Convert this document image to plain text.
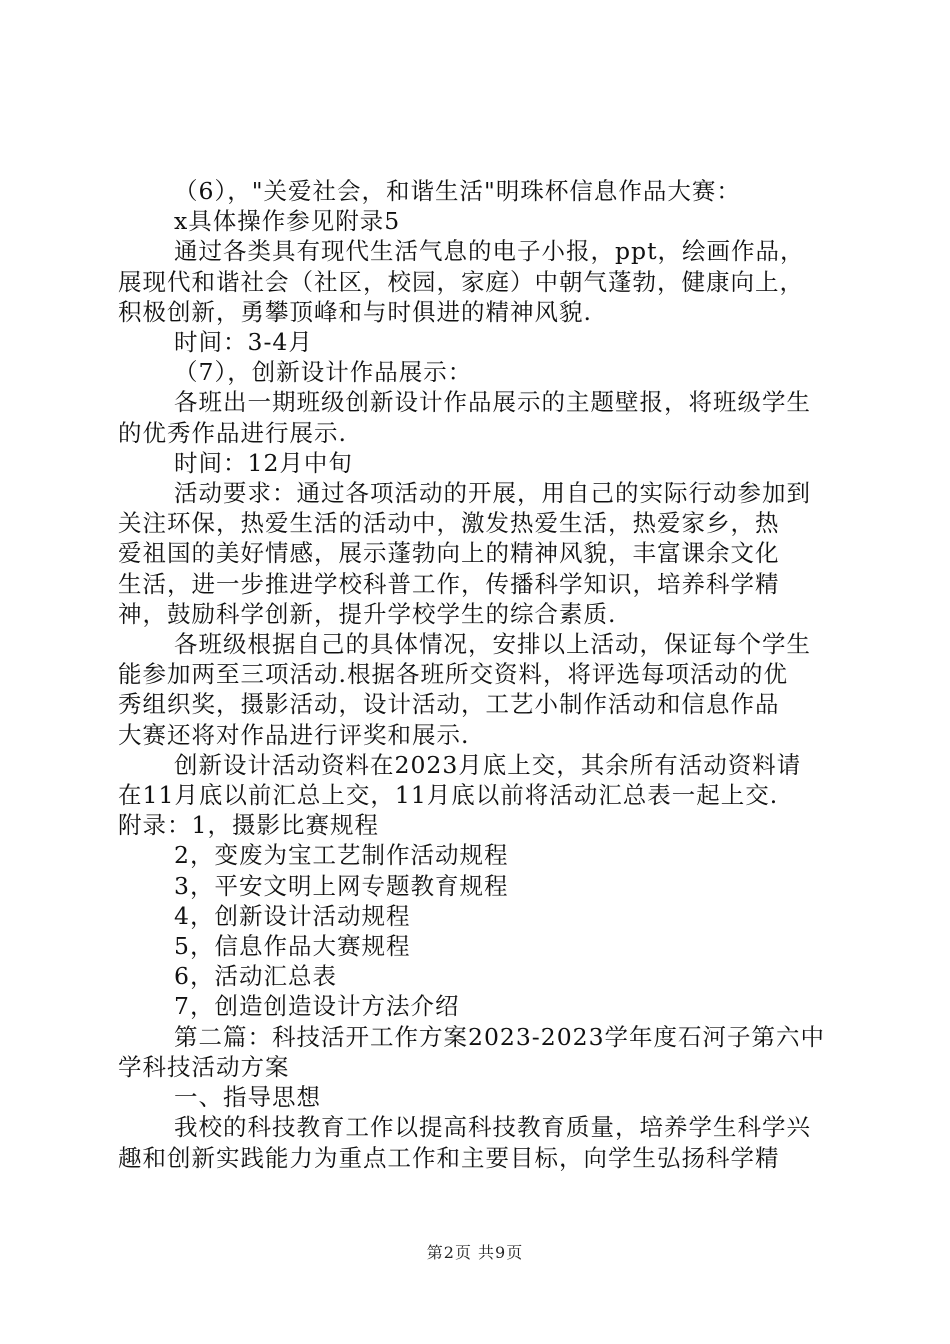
（6），"关爱社会，和谐生活"明珠杯信息作品大赛：

x具体操作参见附录5

通过各类具有现代生活气息的电子小报，ppt，绘画作品，

展现代和谐社会（社区，校园，家庭）中朝气蓬勃，健康向上，

积极创新，勇攀顶峰和与时俱进的精神风貌.

时间：3-4月

（7），创新设计作品展示：

各班出一期班级创新设计作品展示的主题壁报，将班级学生

的优秀作品进行展示.

时间：12月中旬

活动要求：通过各项活动的开展，用自己的实际行动参加到

关注环保，热爱生活的活动中，激发热爱生活，热爱家乡，热

爱祖国的美好情感，展示蓬勃向上的精神风貌，丰富课余文化

生活，进一步推进学校科普工作，传播科学知识，培养科学精

神，鼓励科学创新，提升学校学生的综合素质.

各班级根据自己的具体情况，安排以上活动，保证每个学生

能参加两至三项活动.根据各班所交资料，将评选每项活动的优

秀组织奖，摄影活动，设计活动，工艺小制作活动和信息作品

大赛还将对作品进行评奖和展示.

创新设计活动资料在2023月底上交，其余所有活动资料请

在11月底以前汇总上交，11月底以前将活动汇总表一起上交.

附录：1，摄影比赛规程

2，变废为宝工艺制作活动规程

3，平安文明上网专题教育规程

4，创新设计活动规程

5，信息作品大赛规程

6，活动汇总表

7，创造创造设计方法介绍

第二篇：科技活开工作方案2023-2023学年度石河子第六中

学科技活动方案

一、指导思想

我校的科技教育工作以提高科技教育质量，培养学生科学兴

趣和创新实践能力为重点工作和主要目标，向学生弘扬科学精

第2页 共9页
